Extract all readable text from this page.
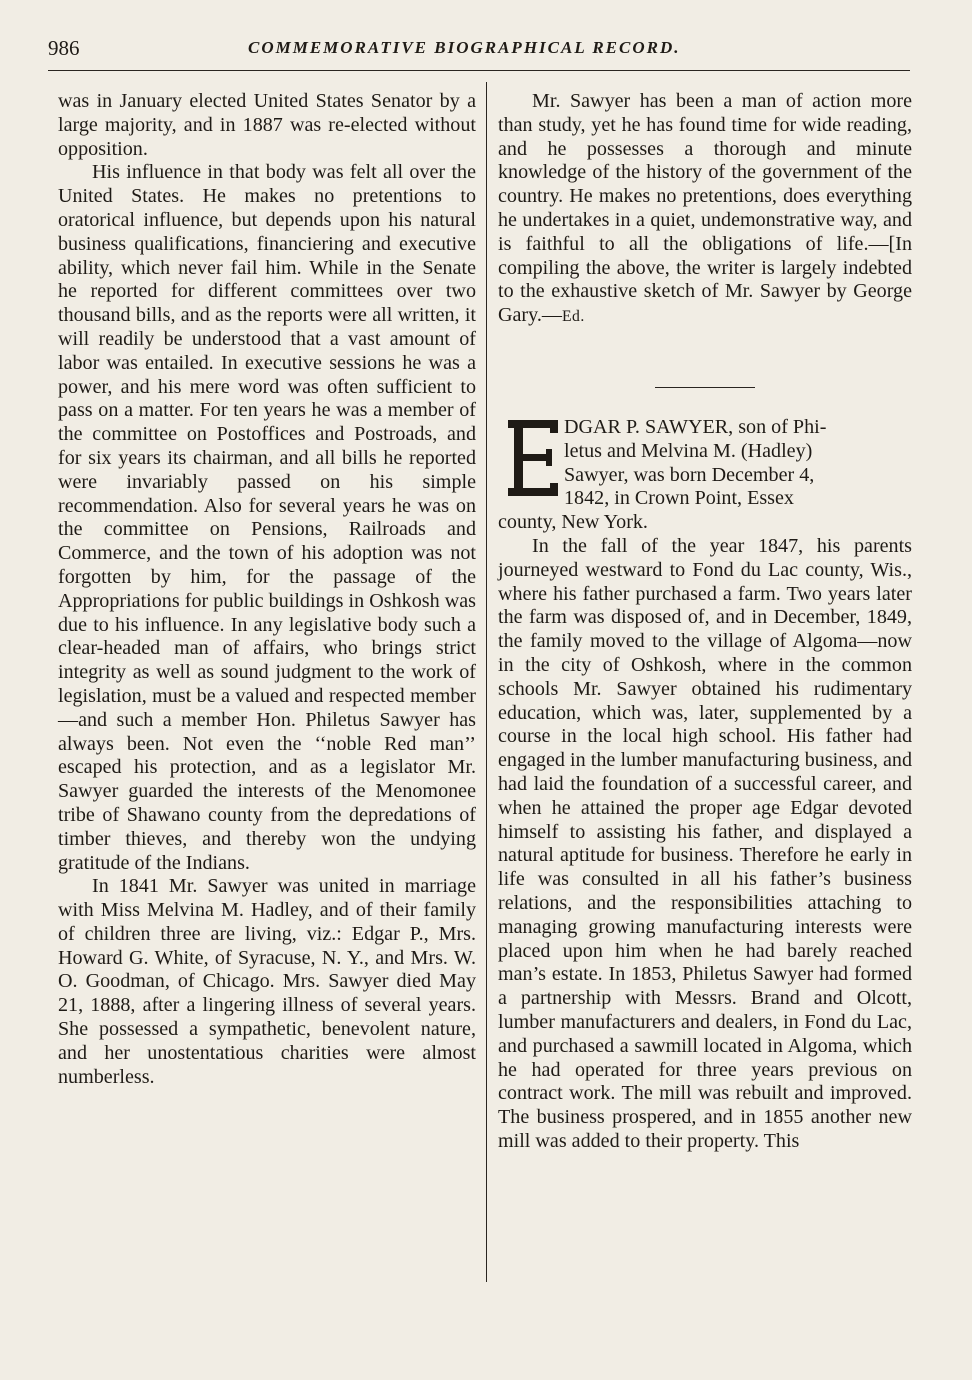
986	COMMEMORATIVE BIOGRAPHICAL RECORD.

was in January elected United States Senator by a large majority, and in 1887 was re-elected without opposition.

His influence in that body was felt all over the United States. He makes no pretentions to oratorical influence, but depends upon his natural business qualifications, financiering and executive ability, which never fail him. While in the Senate he reported for different committees over two thousand bills, and as the reports were all written, it will readily be understood that a vast amount of labor was entailed. In executive sessions he was a power, and his mere word was often sufficient to pass on a matter. For ten years he was a member of the committee on Postoffices and Postroads, and for six years its chairman, and all bills he reported were invariably passed on his simple recommendation. Also for several years he was on the committee on Pensions, Railroads and Commerce, and the town of his adoption was not forgotten by him, for the passage of the Appropriations for public buildings in Oshkosh was due to his influence. In any legislative body such a clear-headed man of affairs, who brings strict integrity as well as sound judgment to the work of legislation, must be a valued and respected member—and such a member Hon. Philetus Sawyer has always been. Not even the ‘‘noble Red man’’ escaped his protection, and as a legislator Mr. Sawyer guarded the interests of the Menomonee tribe of Shawano county from the depredations of timber thieves, and thereby won the undying gratitude of the Indians.

In 1841 Mr. Sawyer was united in marriage with Miss Melvina M. Hadley, and of their family of children three are living, viz.: Edgar P., Mrs. Howard G. White, of Syracuse, N. Y., and Mrs. W. O. Goodman, of Chicago. Mrs. Sawyer died May 21, 1888, after a lingering illness of several years. She possessed a sympathetic, benevolent nature, and her unostentatious charities were almost numberless.

Mr. Sawyer has been a man of action more than study, yet he has found time for wide reading, and he possesses a thorough and minute knowledge of the history of the government of the country. He makes no pretentions, does everything he undertakes in a quiet, undemonstrative way, and is faithful to all the obligations of life.—[In compiling the above, the writer is largely indebted to the exhaustive sketch of Mr. Sawyer by George Gary.—Ed.

DGAR P. SAWYER, son of Phi-

letus and Melvina M. (Hadley)

Sawyer, was born December 4,

1842, in Crown Point, Essex

county, New York.

In the fall of the year 1847, his parents journeyed westward to Fond du Lac county, Wis., where his father purchased a farm. Two years later the farm was disposed of, and in December, 1849, the family moved to the village of Algoma—now in the city of Oshkosh, where in the common schools Mr. Sawyer obtained his rudimentary education, which was, later, supplemented by a course in the local high school. His father had engaged in the lumber manufacturing business, and had laid the foundation of a successful career, and when he attained the proper age Edgar devoted himself to assisting his father, and displayed a natural aptitude for business. Therefore he early in life was consulted in all his father’s business relations, and the responsibilities attaching to managing growing manufacturing interests were placed upon him when he had barely reached man’s estate. In 1853, Philetus Sawyer had formed a partnership with Messrs. Brand and Olcott, lumber manufacturers and dealers, in Fond du Lac, and purchased a sawmill located in Algoma, which he had operated for three years previous on contract work. The mill was rebuilt and improved. The business prospered, and in 1855 another new mill was added to their property. This
